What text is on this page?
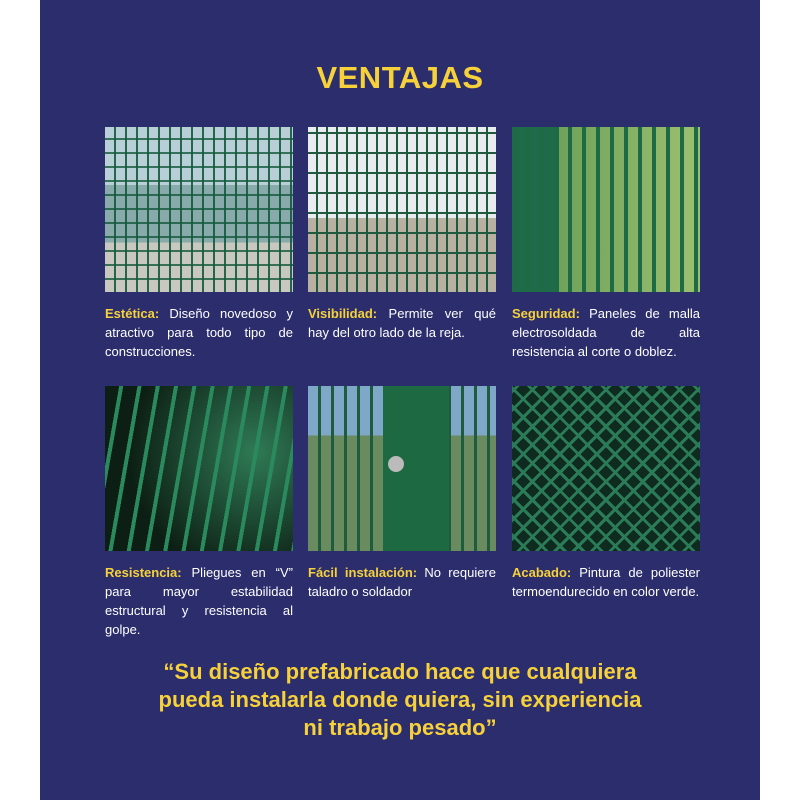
VENTAJAS
Estética: Diseño novedoso y atractivo para todo tipo de construcciones.
Visibilidad: Permite ver qué hay del otro lado de la reja.
Seguridad: Paneles de malla electrosoldada de alta resistencia al corte o doblez.
Resistencia: Pliegues en “V” para mayor estabilidad estructural y resistencia al golpe.
Fácil instalación: No requiere taladro o soldador
Acabado: Pintura de poliester termoendurecido en color verde.
“Su diseño prefabricado hace que cualquiera
pueda instalarla donde quiera, sin experiencia
ni trabajo pesado”
